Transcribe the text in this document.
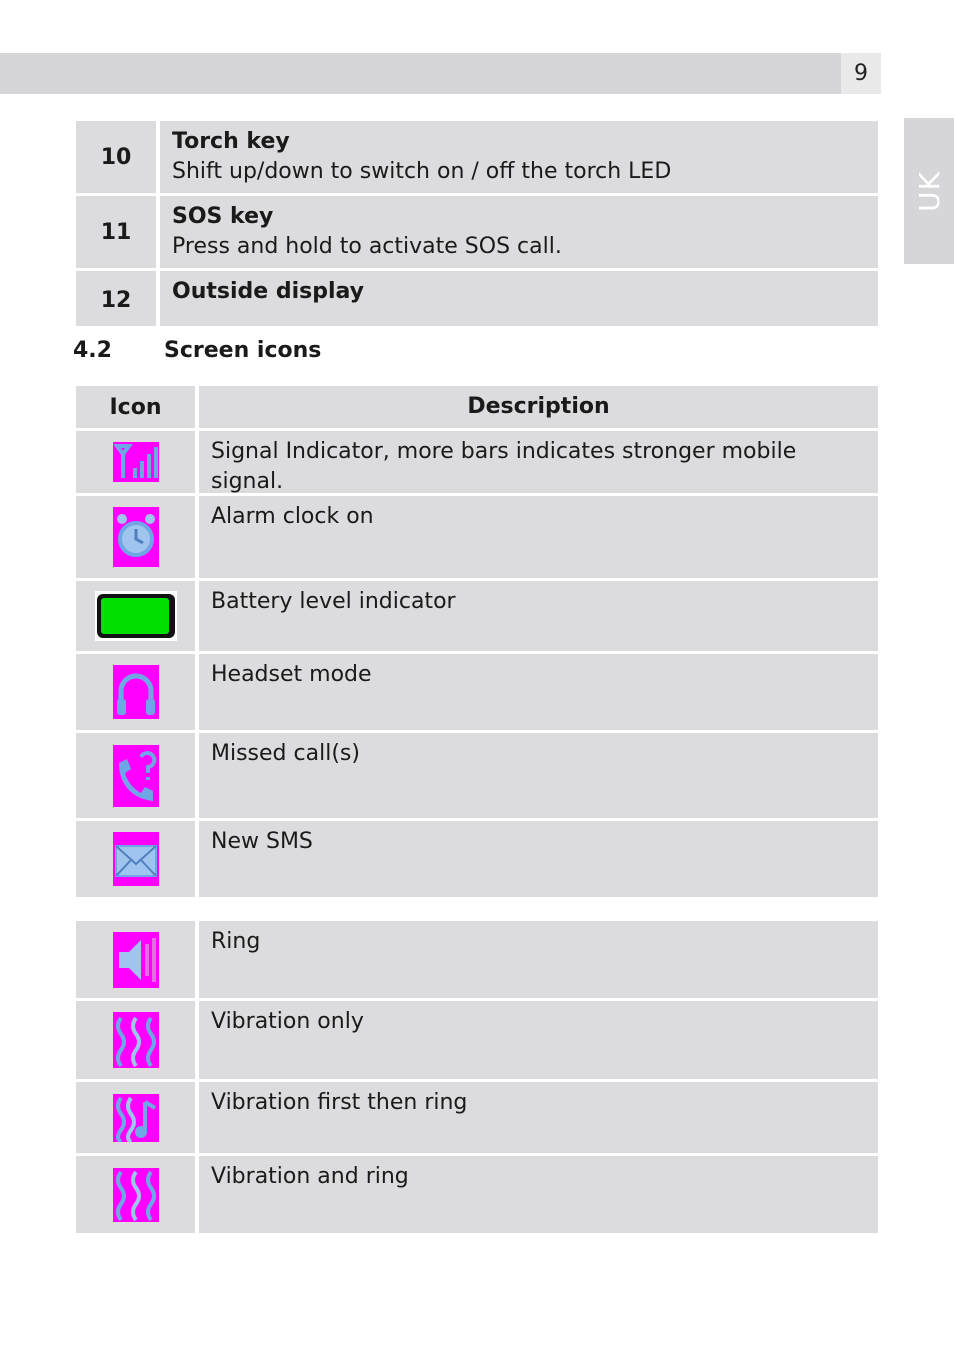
9
UK
10
Torch key
Shift up/down to switch on / off the torch LED
11
SOS key
Press and hold to activate SOS call.
12	Outside display
4.2 Screen icons
Icon	Description
Signal Indicator, more bars indicates stronger mobile signal.
Alarm clock on
Battery level indicator
Headset mode
Missed call(s)
New SMS
Ring
Vibration only
Vibration first then ring
Vibration and ring
